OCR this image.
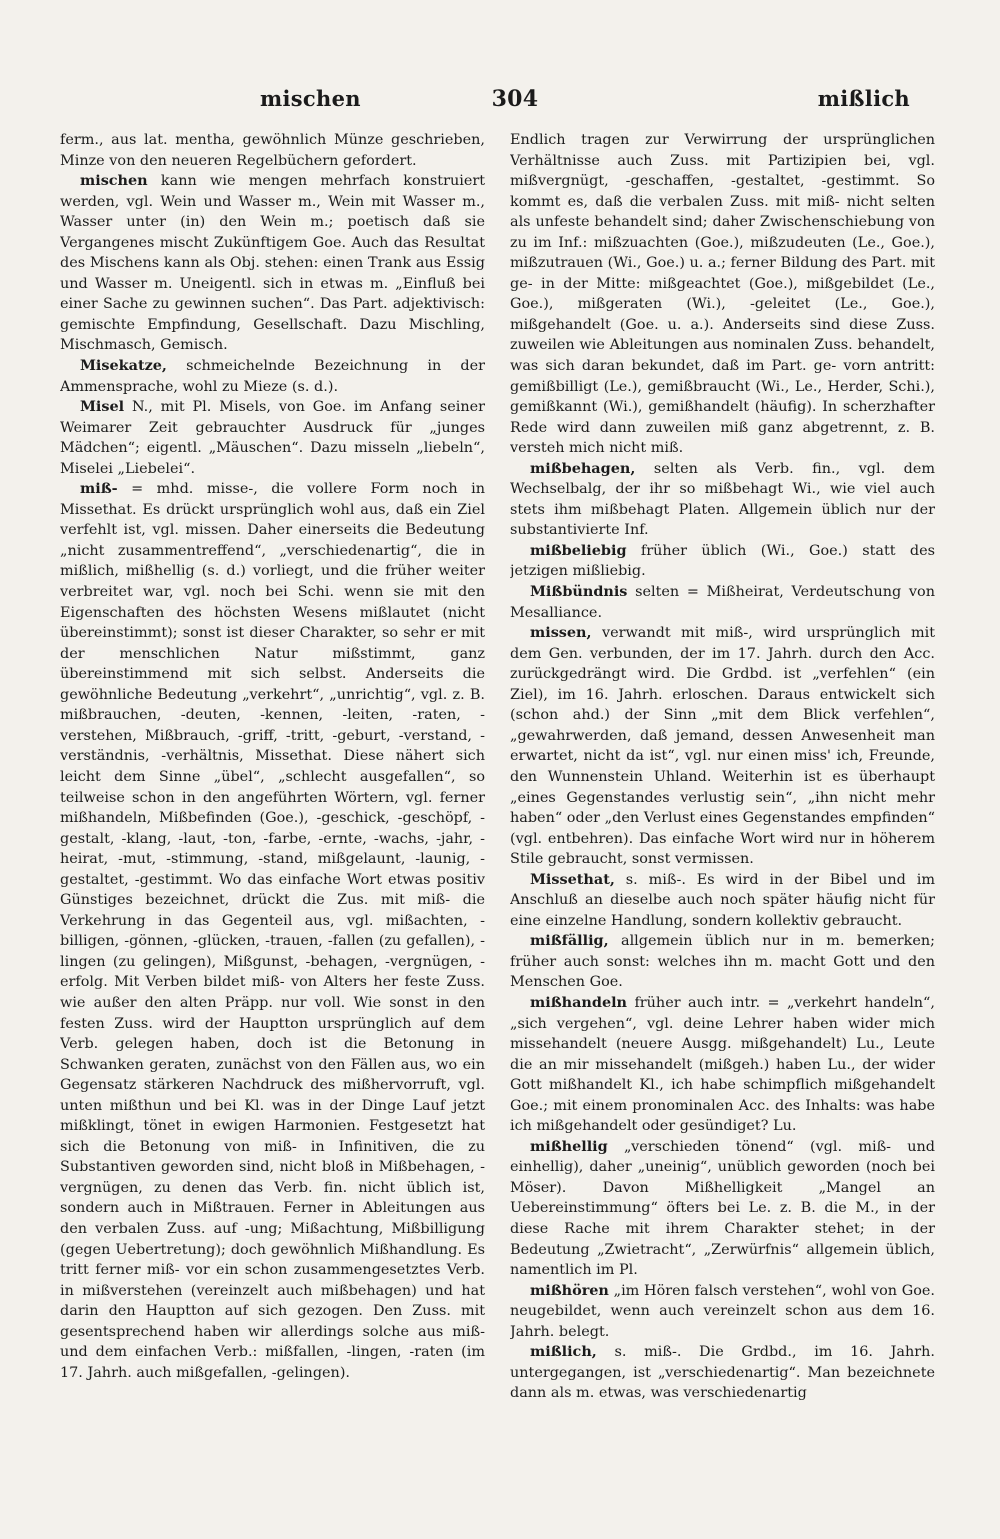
mischen	304	mißlich

ferm., aus lat. mentha, gewöhnlich Münze geschrieben, Minze von den neueren Regelbüchern gefordert.

mischen kann wie mengen mehrfach konstruiert werden, vgl. Wein und Wasser m., Wein mit Wasser m., Wasser unter (in) den Wein m.; poetisch daß sie Vergangenes mischt Zukünftigem Goe. Auch das Resultat des Mischens kann als Obj. stehen: einen Trank aus Essig und Wasser m. Uneigentl. sich in etwas m. „Einfluß bei einer Sache zu gewinnen suchen“. Das Part. adjektivisch: gemischte Empfindung, Gesellschaft. Dazu Mischling, Mischmasch, Gemisch.

Misekatze, schmeichelnde Bezeichnung in der Ammensprache, wohl zu Mieze (s. d.).

Misel N., mit Pl. Misels, von Goe. im Anfang seiner Weimarer Zeit gebrauchter Ausdruck für „junges Mädchen“; eigentl. „Mäuschen“. Dazu misseln „liebeln“, Miselei „Liebelei“.

miß- = mhd. misse-, die vollere Form noch in Missethat. Es drückt ursprünglich wohl aus, daß ein Ziel verfehlt ist, vgl. missen. Daher einerseits die Bedeutung „nicht zusammentreffend“, „verschiedenartig“, die in mißlich, mißhellig (s. d.) vorliegt, und die früher weiter verbreitet war, vgl. noch bei Schi. wenn sie mit den Eigenschaften des höchsten Wesens mißlautet (nicht übereinstimmt); sonst ist dieser Charakter, so sehr er mit der menschlichen Natur mißstimmt, ganz übereinstimmend mit sich selbst. Anderseits die gewöhnliche Bedeutung „verkehrt“, „unrichtig“, vgl. z. B. mißbrauchen, -deuten, -kennen, -leiten, -raten, -verstehen, Mißbrauch, -griff, -tritt, -geburt, -verstand, -verständnis, -verhältnis, Missethat. Diese nähert sich leicht dem Sinne „übel“, „schlecht ausgefallen“, so teilweise schon in den angeführten Wörtern, vgl. ferner mißhandeln, Mißbefinden (Goe.), -geschick, -geschöpf, -gestalt, -klang, -laut, -ton, -farbe, -ernte, -wachs, -jahr, -heirat, -mut, -stimmung, -stand, mißgelaunt, -launig, -gestaltet, -gestimmt. Wo das einfache Wort etwas positiv Günstiges bezeichnet, drückt die Zus. mit miß- die Verkehrung in das Gegenteil aus, vgl. mißachten, -billigen, -gönnen, -glücken, -trauen, -fallen (zu gefallen), -lingen (zu gelingen), Mißgunst, -behagen, -vergnügen, -erfolg. Mit Verben bildet miß- von Alters her feste Zuss. wie außer den alten Präpp. nur voll. Wie sonst in den festen Zuss. wird der Hauptton ursprünglich auf dem Verb. gelegen haben, doch ist die Betonung in Schwanken geraten, zunächst von den Fällen aus, wo ein Gegensatz stärkeren Nachdruck des mißhervorruft, vgl. unten mißthun und bei Kl. was in der Dinge Lauf jetzt mißklingt, tönet in ewigen Harmonien. Festgesetzt hat sich die Betonung von miß- in Infinitiven, die zu Substantiven geworden sind, nicht bloß in Mißbehagen, -vergnügen, zu denen das Verb. fin. nicht üblich ist, sondern auch in Mißtrauen. Ferner in Ableitungen aus den verbalen Zuss. auf -ung; Mißachtung, Mißbilligung (gegen Uebertretung); doch gewöhnlich Mißhandlung. Es tritt ferner miß- vor ein schon zusammengesetztes Verb. in mißverstehen (vereinzelt auch mißbehagen) und hat darin den Hauptton auf sich gezogen. Den Zuss. mit gesentsprechend haben wir allerdings solche aus miß- und dem einfachen Verb.: mißfallen, -lingen, -raten (im 17. Jahrh. auch mißgefallen, -gelingen).

Endlich tragen zur Verwirrung der ursprünglichen Verhältnisse auch Zuss. mit Partizipien bei, vgl. mißvergnügt, -geschaffen, -gestaltet, -gestimmt. So kommt es, daß die verbalen Zuss. mit miß- nicht selten als unfeste behandelt sind; daher Zwischenschiebung von zu im Inf.: mißzuachten (Goe.), mißzudeuten (Le., Goe.), mißzutrauen (Wi., Goe.) u. a.; ferner Bildung des Part. mit ge- in der Mitte: mißgeachtet (Goe.), mißgebildet (Le., Goe.), mißgeraten (Wi.), -geleitet (Le., Goe.), mißgehandelt (Goe. u. a.). Anderseits sind diese Zuss. zuweilen wie Ableitungen aus nominalen Zuss. behandelt, was sich daran bekundet, daß im Part. ge- vorn antritt: gemißbilligt (Le.), gemißbraucht (Wi., Le., Herder, Schi.), gemißkannt (Wi.), gemißhandelt (häufig). In scherzhafter Rede wird dann zuweilen miß ganz abgetrennt, z. B. versteh mich nicht miß.

mißbehagen, selten als Verb. fin., vgl. dem Wechselbalg, der ihr so mißbehagt Wi., wie viel auch stets ihm mißbehagt Platen. Allgemein üblich nur der substantivierte Inf.

mißbeliebig früher üblich (Wi., Goe.) statt des jetzigen mißliebig.

Mißbündnis selten = Mißheirat, Verdeutschung von Mesalliance.

missen, verwandt mit miß-, wird ursprünglich mit dem Gen. verbunden, der im 17. Jahrh. durch den Acc. zurückgedrängt wird. Die Grdbd. ist „verfehlen“ (ein Ziel), im 16. Jahrh. erloschen. Daraus entwickelt sich (schon ahd.) der Sinn „mit dem Blick verfehlen“, „gewahrwerden, daß jemand, dessen Anwesenheit man erwartet, nicht da ist“, vgl. nur einen miss' ich, Freunde, den Wunnenstein Uhland. Weiterhin ist es überhaupt „eines Gegenstandes verlustig sein“, „ihn nicht mehr haben“ oder „den Verlust eines Gegenstandes empfinden“ (vgl. entbehren). Das einfache Wort wird nur in höherem Stile gebraucht, sonst vermissen.

Missethat, s. miß-. Es wird in der Bibel und im Anschluß an dieselbe auch noch später häufig nicht für eine einzelne Handlung, sondern kollektiv gebraucht.

mißfällig, allgemein üblich nur in m. bemerken; früher auch sonst: welches ihn m. macht Gott und den Menschen Goe.

mißhandeln früher auch intr. = „verkehrt handeln“, „sich vergehen“, vgl. deine Lehrer haben wider mich missehandelt (neuere Ausgg. mißgehandelt) Lu., Leute die an mir missehandelt (mißgeh.) haben Lu., der wider Gott mißhandelt Kl., ich habe schimpflich mißgehandelt Goe.; mit einem pronominalen Acc. des Inhalts: was habe ich mißgehandelt oder gesündiget? Lu.

mißhellig „verschieden tönend“ (vgl. miß- und einhellig), daher „uneinig“, unüblich geworden (noch bei Möser). Davon Mißhelligkeit „Mangel an Uebereinstimmung“ öfters bei Le. z. B. die M., in der diese Rache mit ihrem Charakter stehet; in der Bedeutung „Zwietracht“, „Zerwürfnis“ allgemein üblich, namentlich im Pl.

mißhören „im Hören falsch verstehen“, wohl von Goe. neugebildet, wenn auch vereinzelt schon aus dem 16. Jahrh. belegt.

mißlich, s. miß-. Die Grdbd., im 16. Jahrh. untergegangen, ist „verschiedenartig“. Man bezeichnete dann als m. etwas, was verschiedenartig
